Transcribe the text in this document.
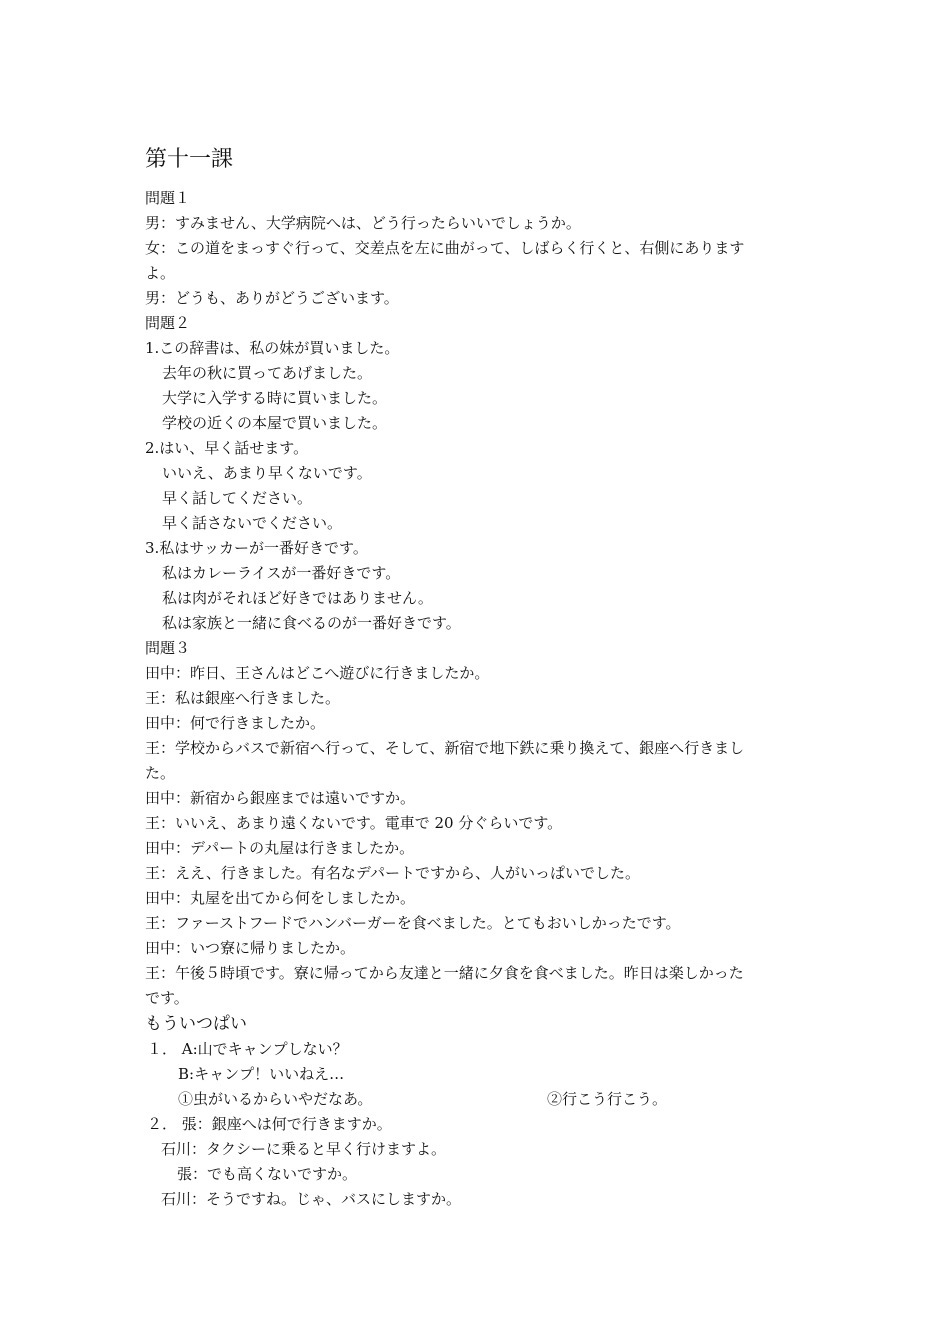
第十一課
問題１
男：すみません、大学病院へは、どう行ったらいいでしょうか。
女：この道をまっすぐ行って、交差点を左に曲がって、しばらく行くと、右側にあります
よ。
男：どうも、ありがどうございます。
問題２
1.この辞書は、私の妹が買いました。
去年の秋に買ってあげました。
大学に入学する時に買いました。
学校の近くの本屋で買いました。
2.はい、早く話せます。
いいえ、あまり早くないです。
早く話してください。
早く話さないでください。
3.私はサッカーが一番好きです。
私はカレーライスが一番好きです。
私は肉がそれほど好きではありません。
私は家族と一緒に食べるのが一番好きです。
問題３
田中：昨日、王さんはどこへ遊びに行きましたか。
王：私は銀座へ行きました。
田中：何で行きましたか。
王：学校からバスで新宿へ行って、そして、新宿で地下鉄に乗り換えて、銀座へ行きまし
た。
田中：新宿から銀座までは遠いですか。
王：いいえ、あまり遠くないです。電車で 20 分ぐらいです。
田中：デパートの丸屋は行きましたか。
王：ええ、行きました。有名なデパートですから、人がいっぱいでした。
田中：丸屋を出てから何をしましたか。
王：ファーストフードでハンバーガーを食べました。とてもおいしかったです。
田中：いつ寮に帰りましたか。
王：午後５時頃です。寮に帰ってから友達と一緒に夕食を食べました。昨日は楽しかった
です。
もういつぱい
１． A:山でキャンプしない？
B:キャンプ！いいねえ…
①虫がいるからいやだなあ。	②行こう行こう。
２． 張：銀座へは何で行きますか。
石川：タクシーに乗ると早く行けますよ。
張：でも高くないですか。
石川：そうですね。じゃ、バスにしますか。
